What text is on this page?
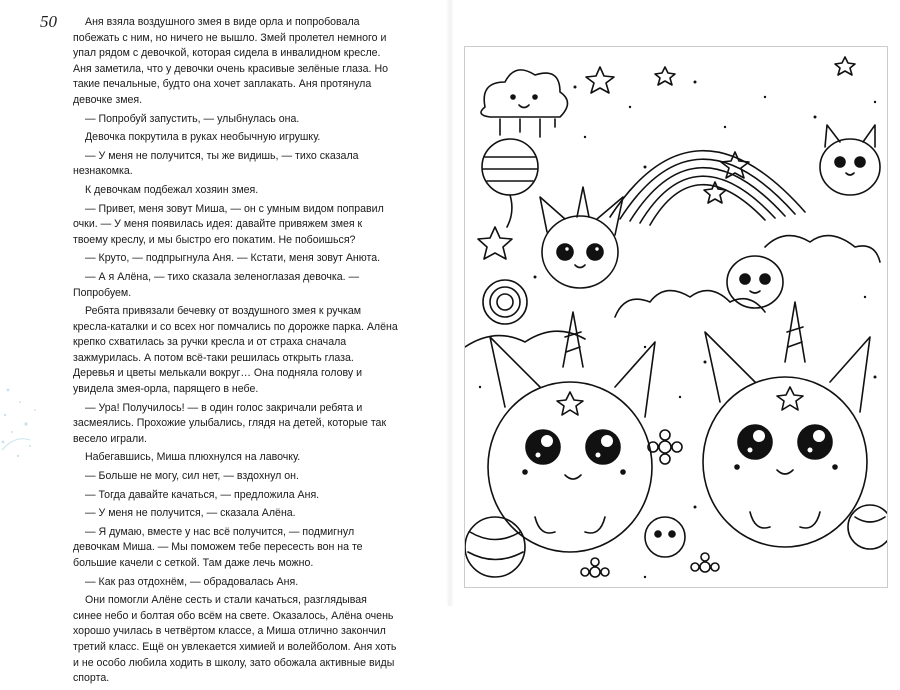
50	Аня взяла воздушного змея в виде орла и попробовала побежать с ним, но ничего не вышло. Змей пролетел немного и упал рядом с девочкой, которая сидела в инвалидном кресле. Аня заметила, что у девочки очень красивые зелёные глаза. Но такие печальные, будто она хочет заплакать. Аня протянула девочке змея.

— Попробуй запустить, — улыбнулась она.

Девочка покрутила в руках необычную игрушку.

— У меня не получится, ты же видишь, — тихо сказала незнакомка.

К девочкам подбежал хозяин змея.

— Привет, меня зовут Миша, — он с умным видом поправил очки. — У меня появилась идея: давайте привяжем змея к твоему креслу, и мы быстро его покатим. Не побоишься?

— Круто, — подпрыгнула Аня. — Кстати, меня зовут Анюта.

— А я Алёна, — тихо сказала зеленоглазая девочка. — Попробуем.

Ребята привязали бечевку от воздушного змея к ручкам кресла-каталки и со всех ног помчались по дорожке парка. Алёна крепко схватилась за ручки кресла и от страха сначала зажмурилась. А потом всё-таки решилась открыть глаза. Деревья и цветы мелькали вокруг… Она подняла голову и увидела змея-орла, парящего в небе.

— Ура! Получилось! — в один голос закричали ребята и засмеялись. Прохожие улыбались, глядя на детей, которые так весело играли.

Набегавшись, Миша плюхнулся на лавочку.

— Больше не могу, сил нет, — вздохнул он.

— Тогда давайте качаться, — предложила Аня.

— У меня не получится, — сказала Алёна.

— Я думаю, вместе у нас всё получится, — подмигнул девочкам Миша. — Мы поможем тебе пересесть вон на те большие качели с сеткой. Там даже лечь можно.

— Как раз отдохнём, — обрадовалась Аня.

Они помогли Алёне сесть и стали качаться, разглядывая синее небо и болтая обо всём на свете. Оказалось, Алёна очень хорошо училась в четвёртом классе, а Миша отлично закончил третий класс. Ещё он увлекается химией и волейболом. Аня хоть и не особо любила ходить в школу, зато обожала активные виды спорта.
